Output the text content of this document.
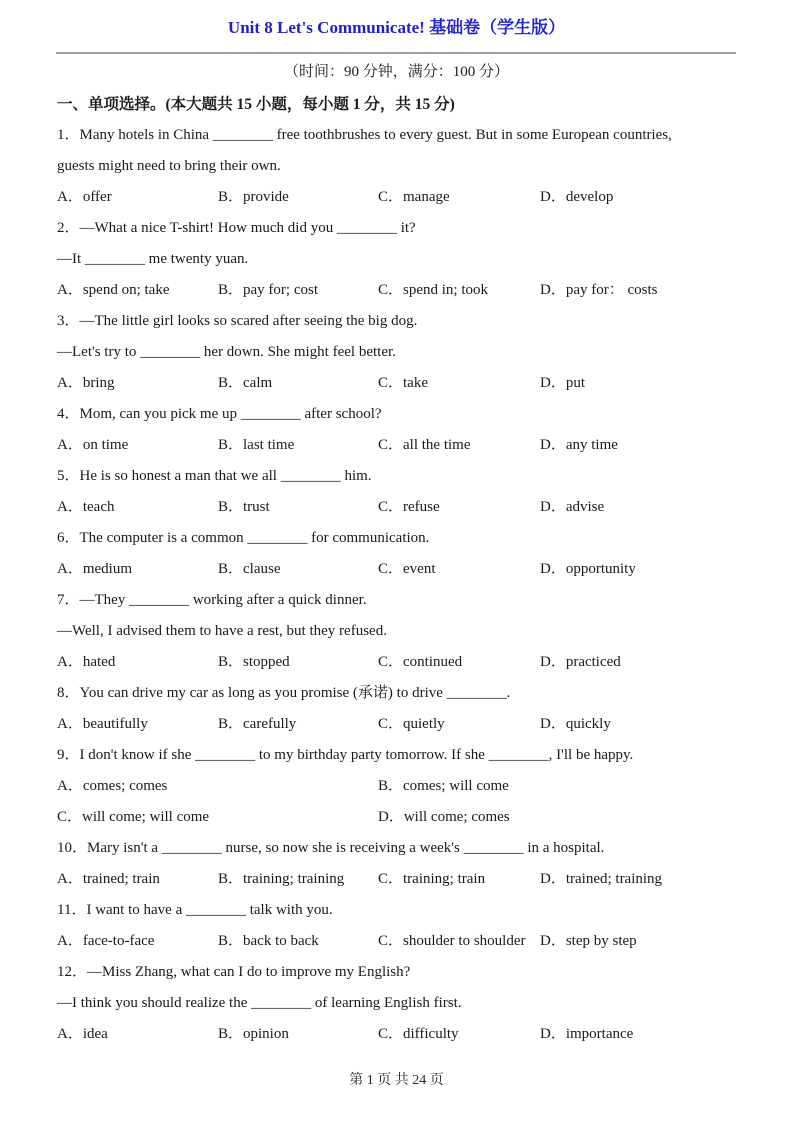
Unit 8 Let's Communicate! 基础卷（学生版）
（时间：90 分钟，满分：100 分）
一、单项选择。(本大题共 15 小题，每小题 1 分，共 15 分)
1．Many hotels in China ________ free toothbrushes to every guest. But in some European countries,
guests might need to bring their own.
A．offer	B．provide	C．manage	D．develop
2．—What a nice T-shirt! How much did you ________ it?
—It ________ me twenty yuan.
A．spend on; take	B．pay for; cost	C．spend in; took	D．pay for： costs
3．—The little girl looks so scared after seeing the big dog.
—Let's try to ________ her down. She might feel better.
A．bring	B．calm	C．take	D．put
4．Mom, can you pick me up ________ after school?
A．on time	B．last time	C．all the time	D．any time
5．He is so honest a man that we all ________ him.
A．teach	B．trust	C．refuse	D．advise
6．The computer is a common ________ for communication.
A．medium	B．clause	C．event	D．opportunity
7．—They ________ working after a quick dinner.
—Well, I advised them to have a rest, but they refused.
A．hated	B．stopped	C．continued	D．practiced
8．You can drive my car as long as you promise (承诺) to drive ________.
A．beautifully	B．carefully	C．quietly	D．quickly
9．I don't know if she ________ to my birthday party tomorrow. If she ________, I'll be happy.
A．comes; comes	B．comes; will come
C．will come; will come	D．will come; comes
10．Mary isn't a ________ nurse, so now she is receiving a week's ________ in a hospital.
A．trained; train	B．training; training C．training; train	D．trained; training
11．I want to have a ________ talk with you.
A．face-to-face	B．back to back	C．shoulder to shoulder D．step by step
12．—Miss Zhang, what can I do to improve my English?
—I think you should realize the ________ of learning English first.
A．idea	B．opinion	C．difficulty	D．importance
第 1 页 共 24 页
